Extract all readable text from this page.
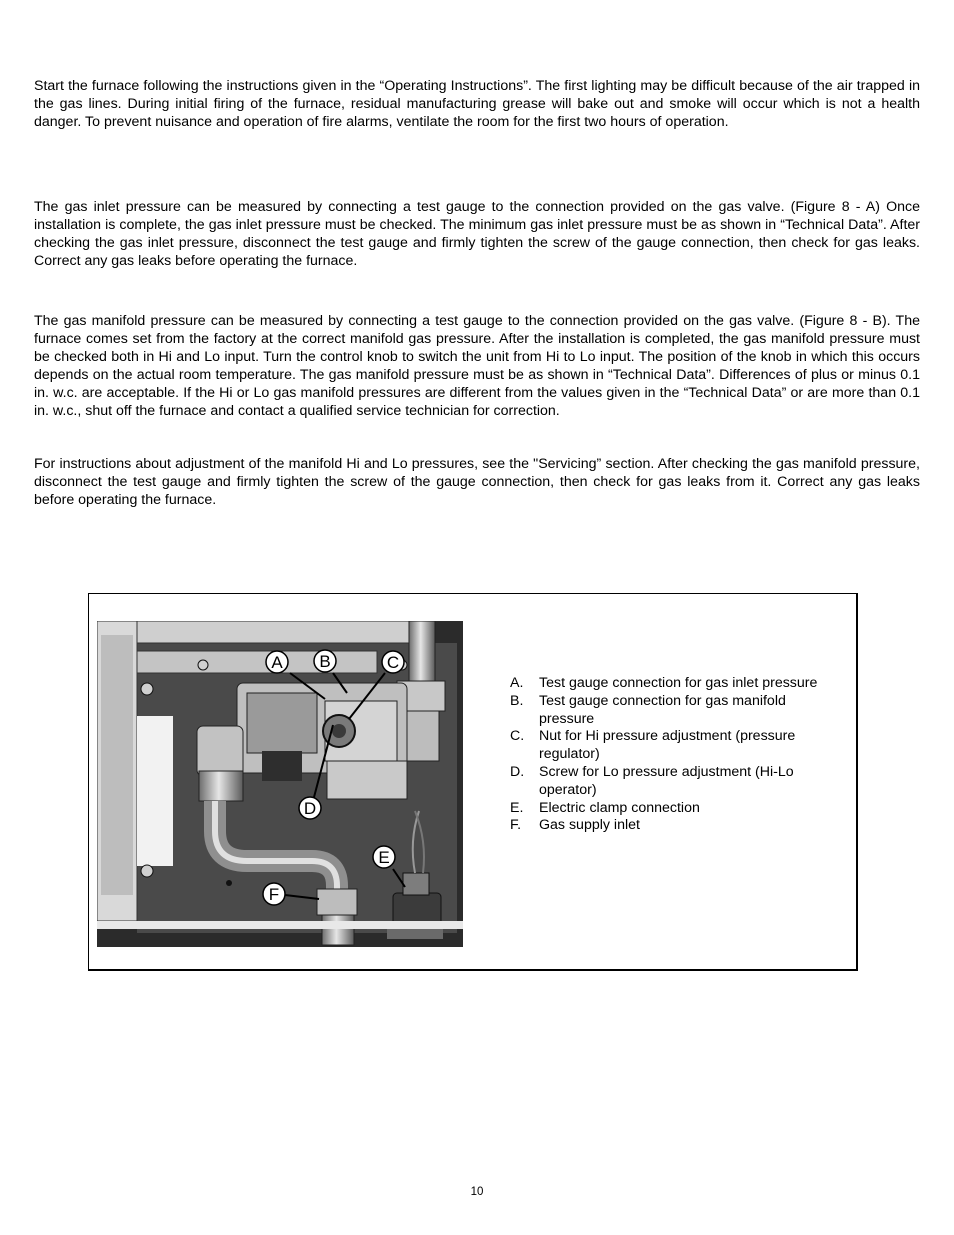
Start the furnace following the instructions given in the “Operating Instructions”. The first lighting may be difficult because of the air trapped in the gas lines. During initial firing of the furnace, residual manufacturing grease will bake out and smoke will occur which is not a health danger. To prevent nuisance and operation of fire alarms, ventilate the room for the first two hours of operation.

The gas inlet pressure can be measured by connecting a test gauge to the connection provided on the gas valve. (Figure 8 - A) Once installation is complete, the gas inlet pressure must be checked. The minimum gas inlet pressure must be as shown in “Technical Data”. After checking the gas inlet pressure, disconnect the test gauge and firmly tighten the screw of the gauge connection, then check for gas leaks. Correct any gas leaks before operating the furnace.

The gas manifold pressure can be measured by connecting a test gauge to the connection provided on the gas valve. (Figure 8 - B). The furnace comes set from the factory at the correct manifold gas pressure. After the installation is completed, the gas manifold pressure must be checked both in Hi and Lo input. Turn the control knob to switch the unit from Hi to Lo input. The position of the knob in which this occurs depends on the actual room temperature. The gas manifold pressure must be as shown in “Technical Data”. Differences of plus or minus 0.1 in. w.c. are acceptable. If the Hi or Lo gas manifold pressures are different from the values given in the “Technical Data” or are more than 0.1 in. w.c., shut off the furnace and contact a qualified service technician for correction.

For instructions about adjustment of the manifold Hi and Lo pressures, see the "Servicing” section. After checking the gas manifold pressure, disconnect the test gauge and firmly tighten the screw of the gauge connection, then check for gas leaks from it. Correct any gas leaks before operating the furnace.

A B	C
D
E
F
A. Test gauge connection for gas inlet pressure
B. Test gauge connection for gas manifold pressure
C. Nut for Hi pressure adjustment (pressure regulator)
D. Screw for Lo pressure adjustment (Hi-Lo operator)
E. Electric clamp connection
F. Gas supply inlet
10
